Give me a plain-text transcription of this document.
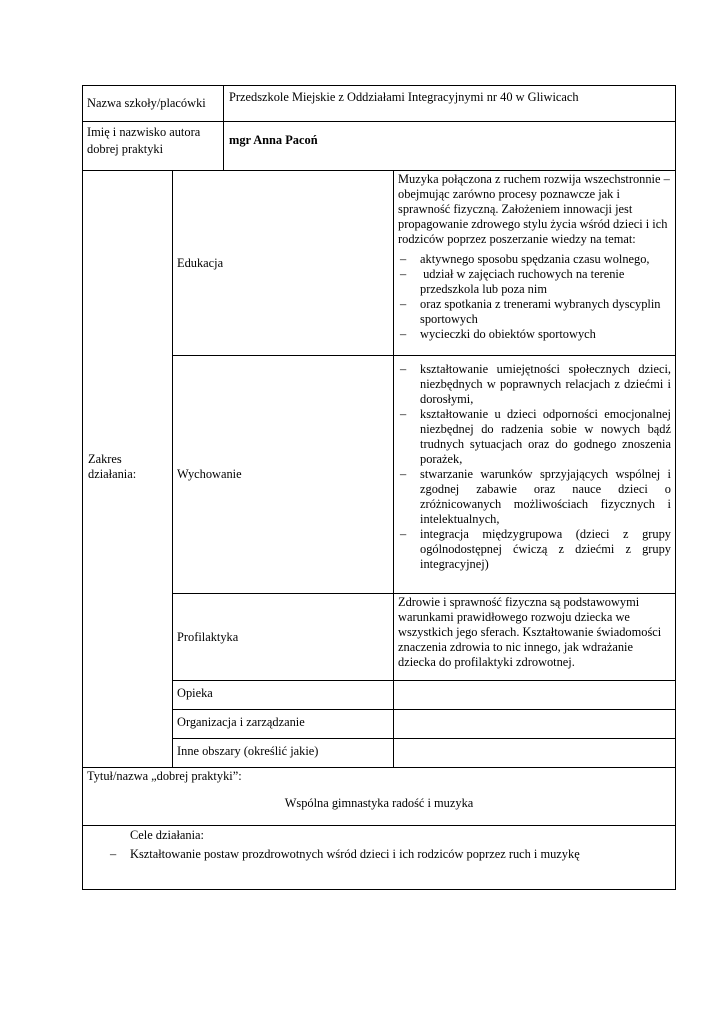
Nazwa szkoły/placówki	Przedszkole Miejskie z Oddziałami Integracyjnymi nr 40 w Gliwicach
Imię i nazwisko autora
dobrej praktyki
mgr Anna Pacoń
Zakres
działania:
Edukacja
Muzyka połączona z ruchem rozwija wszechstronnie – obejmując zarówno procesy poznawcze jak i sprawność fizyczną. Założeniem innowacji jest propagowanie zdrowego stylu życia wśród dzieci i ich rodziców poprzez poszerzanie wiedzy na temat:
– aktywnego sposobu spędzania czasu wolnego,
–  udział w zajęciach ruchowych na terenie przedszkola lub poza nim
– oraz spotkania z trenerami wybranych dyscyplin sportowych
– wycieczki do obiektów sportowych
Wychowanie
– kształtowanie umiejętności społecznych dzieci, niezbędnych w poprawnych relacjach z dziećmi i dorosłymi,
– kształtowanie u dzieci odporności emocjonalnej niezbędnej do radzenia sobie w nowych bądź trudnych sytuacjach oraz do godnego znoszenia porażek,
– stwarzanie warunków sprzyjających wspólnej i zgodnej zabawie oraz nauce dzieci o zróżnicowanych możliwościach fizycznych i intelektualnych,
– integracja międzygrupowa (dzieci z grupy ogólnodostępnej ćwiczą z dziećmi z grupy integracyjnej)
Profilaktyka
Zdrowie i sprawność fizyczna są podstawowymi warunkami prawidłowego rozwoju dziecka we wszystkich jego sferach. Kształtowanie świadomości znaczenia zdrowia to nic innego, jak wdrażanie dziecka do profilaktyki zdrowotnej.
Opieka
Organizacja i zarządzanie
Inne obszary (określić jakie)
Tytuł/nazwa „dobrej praktyki”:
Wspólna gimnastyka radość i muzyka
Cele działania:
– Kształtowanie postaw prozdrowotnych wśród dzieci i ich rodziców poprzez ruch i muzykę
